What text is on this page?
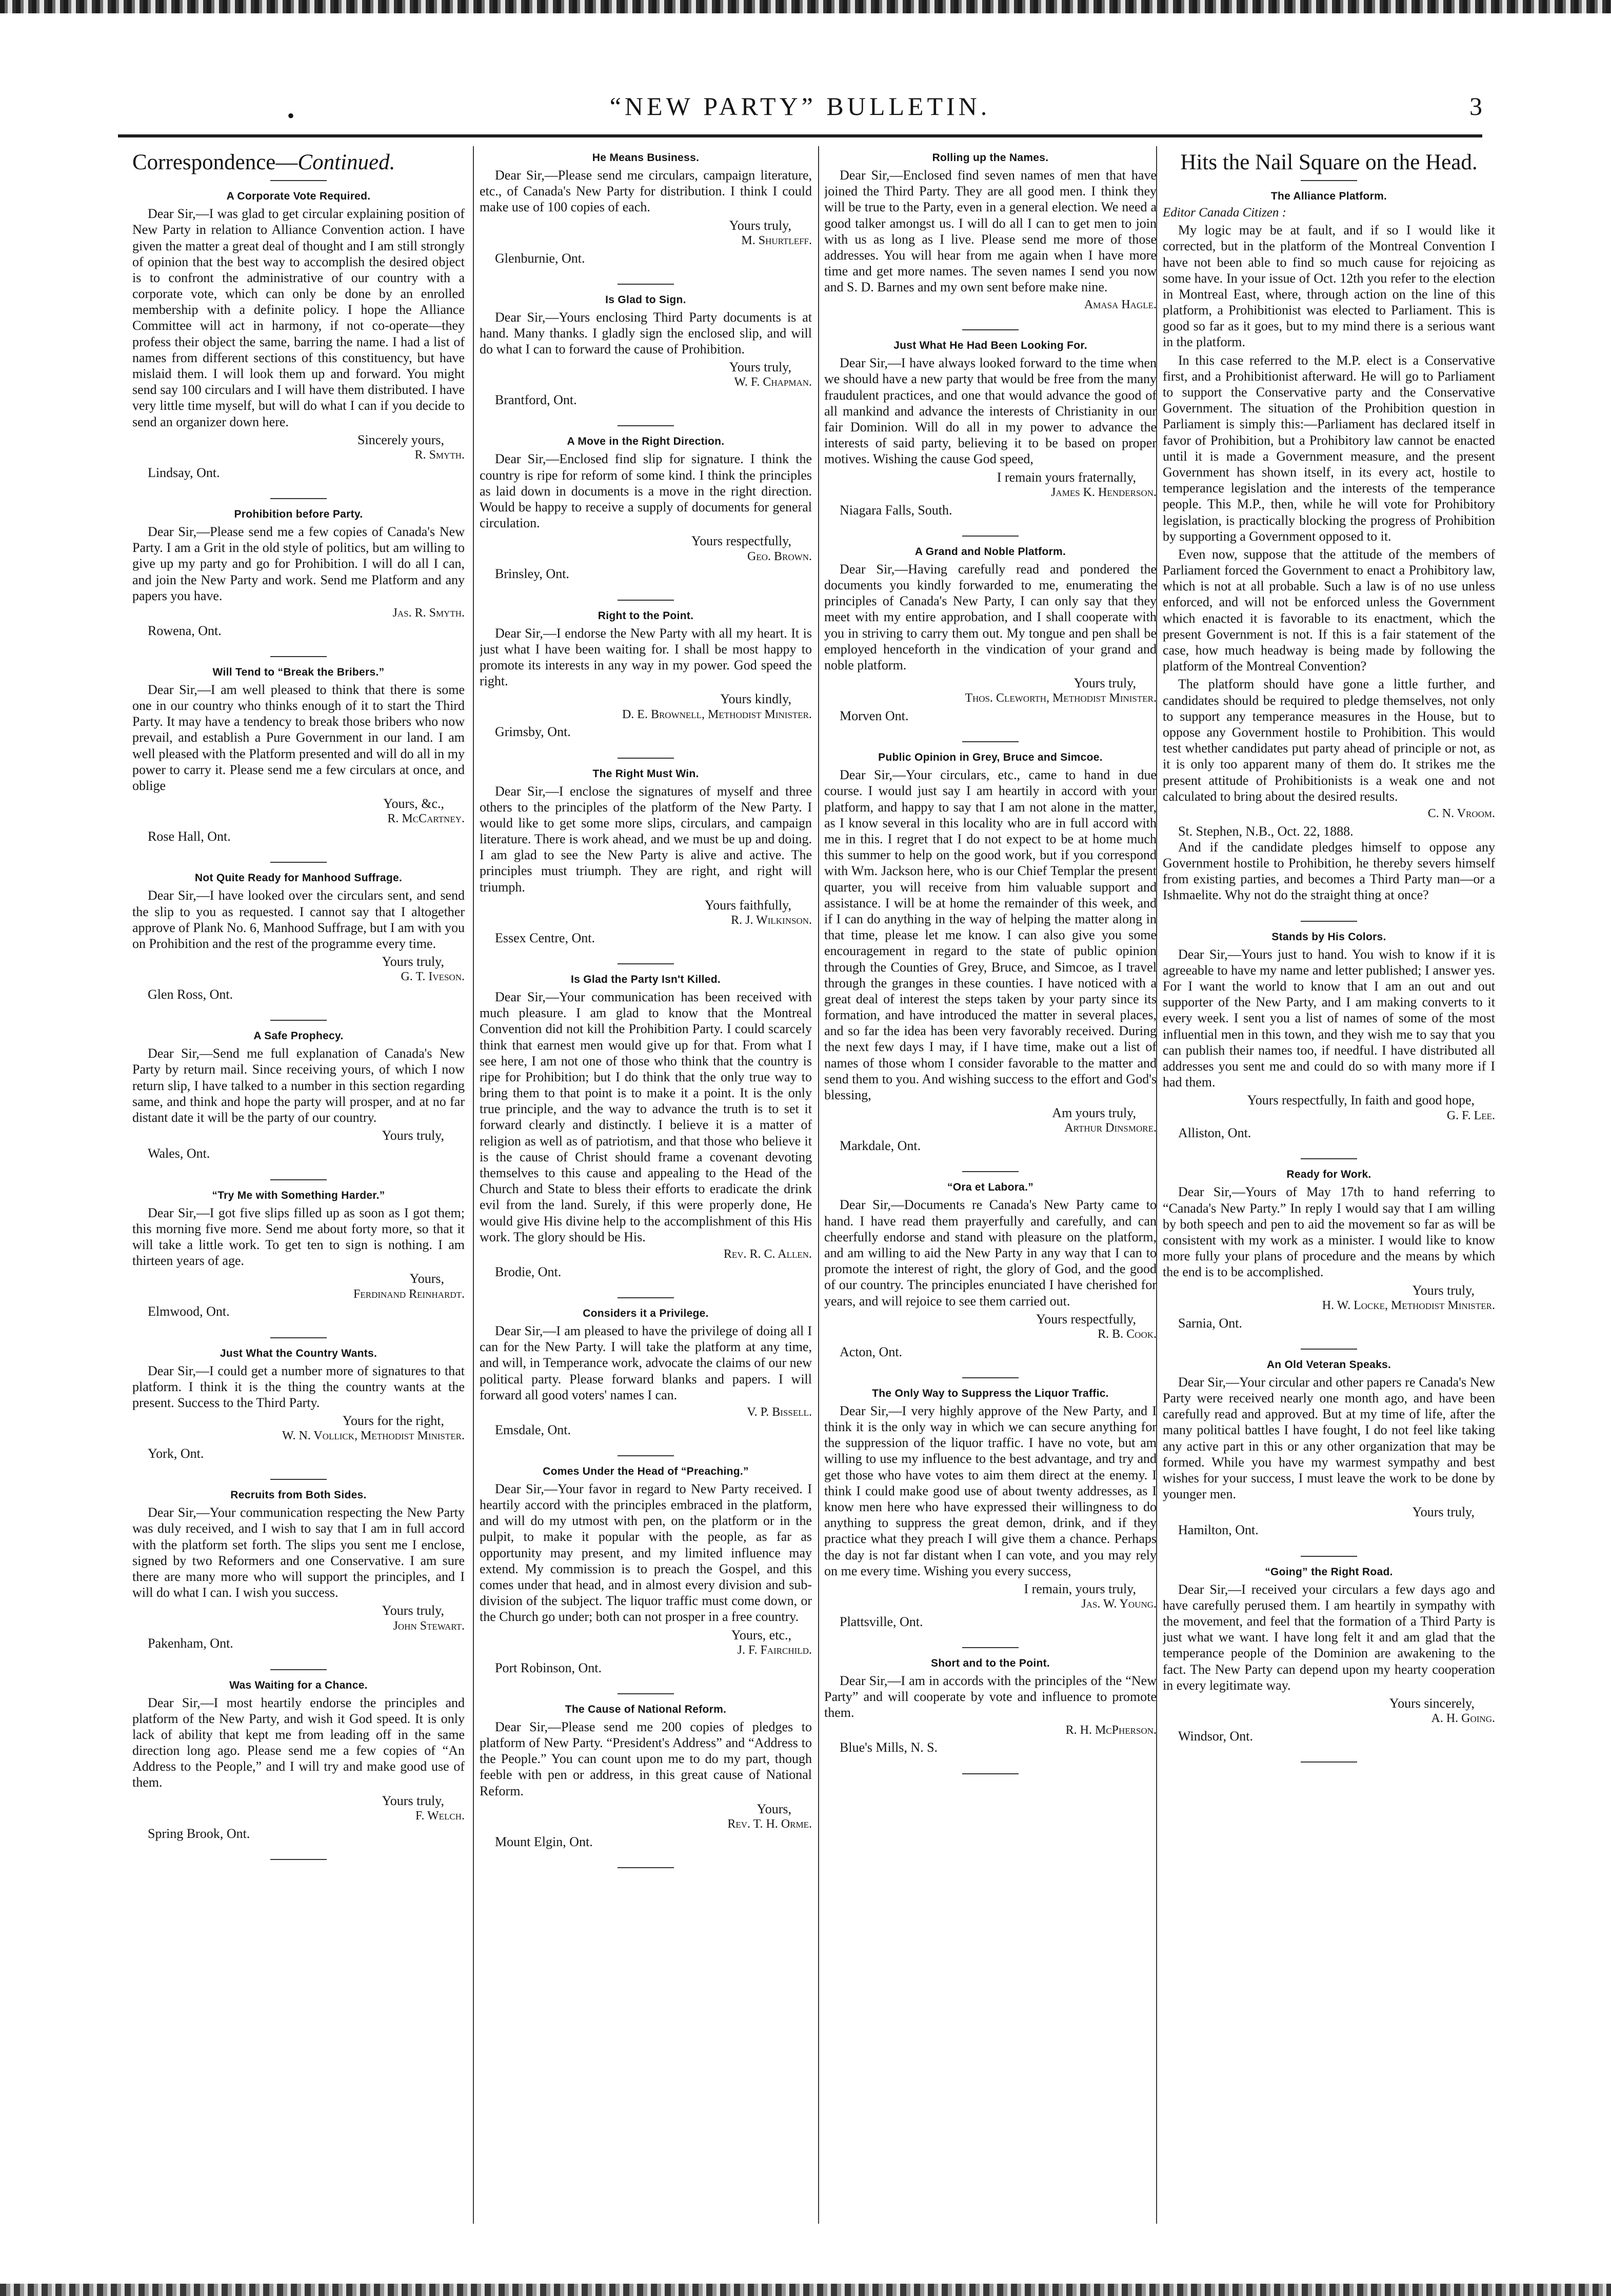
•	“NEW PARTY” BULLETIN.	3
Correspondence—Continued.
A Corporate Vote Required.

Dear Sir,—I was glad to get circular explaining position of New Party in relation to Alliance Convention action. I have given the matter a great deal of thought and I am still strongly of opinion that the best way to accomplish the desired object is to confront the administrative of our country with a corporate vote, which can only be done by an enrolled membership with a definite policy. I hope the Alliance Committee will act in harmony, if not co-operate—they profess their object the same, barring the name. I had a list of names from different sections of this constituency, but have mislaid them. I will look them up and forward. You might send say 100 circulars and I will have them distributed. I have very little time myself, but will do what I can if you decide to send an organizer down here.

Sincerely yours,

R. Smyth.

Lindsay, Ont.

Prohibition before Party.

Dear Sir,—Please send me a few copies of Canada's New Party. I am a Grit in the old style of politics, but am willing to give up my party and go for Prohibition. I will do all I can, and join the New Party and work. Send me Platform and any papers you have.

Jas. R. Smyth.

Rowena, Ont.

Will Tend to “Break the Bribers.”

Dear Sir,—I am well pleased to think that there is some one in our country who thinks enough of it to start the Third Party. It may have a tendency to break those bribers who now prevail, and establish a Pure Government in our land. I am well pleased with the Platform presented and will do all in my power to carry it. Please send me a few circulars at once, and oblige

Yours, &c.,

R. McCartney.

Rose Hall, Ont.

Not Quite Ready for Manhood Suffrage.

Dear Sir,—I have looked over the circulars sent, and send the slip to you as requested. I cannot say that I altogether approve of Plank No. 6, Manhood Suffrage, but I am with you on Prohibition and the rest of the programme every time.

Yours truly,

G. T. Iveson.

Glen Ross, Ont.

A Safe Prophecy.

Dear Sir,—Send me full explanation of Canada's New Party by return mail. Since receiving yours, of which I now return slip, I have talked to a number in this section regarding same, and think and hope the party will prosper, and at no far distant date it will be the party of our country.

Yours truly,

Wales, Ont.

“Try Me with Something Harder.”

Dear Sir,—I got five slips filled up as soon as I got them; this morning five more. Send me about forty more, so that it will take a little work. To get ten to sign is nothing. I am thirteen years of age.

Yours,

Ferdinand Reinhardt.

Elmwood, Ont.

Just What the Country Wants.

Dear Sir,—I could get a number more of signatures to that platform. I think it is the thing the country wants at the present. Success to the Third Party.

Yours for the right,

W. N. Vollick, Methodist Minister.

York, Ont.

Recruits from Both Sides.

Dear Sir,—Your communication respecting the New Party was duly received, and I wish to say that I am in full accord with the platform set forth. The slips you sent me I enclose, signed by two Reformers and one Conservative. I am sure there are many more who will support the principles, and I will do what I can. I wish you success.

Yours truly,

John Stewart.

Pakenham, Ont.

Was Waiting for a Chance.

Dear Sir,—I most heartily endorse the principles and platform of the New Party, and wish it God speed. It is only lack of ability that kept me from leading off in the same direction long ago. Please send me a few copies of “An Address to the People,” and I will try and make good use of them.

Yours truly,

F. Welch.

Spring Brook, Ont.

He Means Business.

Dear Sir,—Please send me circulars, campaign literature, etc., of Canada's New Party for distribution. I think I could make use of 100 copies of each.

Yours truly,

M. Shurtleff.

Glenburnie, Ont.

Is Glad to Sign.

Dear Sir,—Yours enclosing Third Party documents is at hand. Many thanks. I gladly sign the enclosed slip, and will do what I can to forward the cause of Prohibition.

Yours truly,

W. F. Chapman.

Brantford, Ont.

A Move in the Right Direction.

Dear Sir,—Enclosed find slip for signature. I think the country is ripe for reform of some kind. I think the principles as laid down in documents is a move in the right direction. Would be happy to receive a supply of documents for general circulation.

Yours respectfully,

Geo. Brown.

Brinsley, Ont.

Right to the Point.

Dear Sir,—I endorse the New Party with all my heart. It is just what I have been waiting for. I shall be most happy to promote its interests in any way in my power. God speed the right.

Yours kindly,

D. E. Brownell, Methodist Minister.

Grimsby, Ont.

The Right Must Win.

Dear Sir,—I enclose the signatures of myself and three others to the principles of the platform of the New Party. I would like to get some more slips, circulars, and campaign literature. There is work ahead, and we must be up and doing. I am glad to see the New Party is alive and active. The principles must triumph. They are right, and right will triumph.

Yours faithfully,

R. J. Wilkinson.

Essex Centre, Ont.

Is Glad the Party Isn't Killed.

Dear Sir,—Your communication has been received with much pleasure. I am glad to know that the Montreal Convention did not kill the Prohibition Party. I could scarcely think that earnest men would give up for that. From what I see here, I am not one of those who think that the country is ripe for Prohibition; but I do think that the only true way to bring them to that point is to make it a point. It is the only true principle, and the way to advance the truth is to set it forward clearly and distinctly. I believe it is a matter of religion as well as of patriotism, and that those who believe it is the cause of Christ should frame a covenant devoting themselves to this cause and appealing to the Head of the Church and State to bless their efforts to eradicate the drink evil from the land. Surely, if this were properly done, He would give His divine help to the accomplishment of this His work. The glory should be His.

Rev. R. C. Allen.

Brodie, Ont.

Considers it a Privilege.

Dear Sir,—I am pleased to have the privilege of doing all I can for the New Party. I will take the platform at any time, and will, in Temperance work, advocate the claims of our new political party. Please forward blanks and papers. I will forward all good voters' names I can.

V. P. Bissell.

Emsdale, Ont.

Comes Under the Head of “Preaching.”

Dear Sir,—Your favor in regard to New Party received. I heartily accord with the principles embraced in the platform, and will do my utmost with pen, on the platform or in the pulpit, to make it popular with the people, as far as opportunity may present, and my limited influence may extend. My commission is to preach the Gospel, and this comes under that head, and in almost every division and sub-division of the subject. The liquor traffic must come down, or the Church go under; both can not prosper in a free country.

Yours, etc.,

J. F. Fairchild.

Port Robinson, Ont.

The Cause of National Reform.

Dear Sir,—Please send me 200 copies of pledges to platform of New Party. “President's Address” and “Address to the People.” You can count upon me to do my part, though feeble with pen or address, in this great cause of National Reform.

Yours,

Rev. T. H. Orme.

Mount Elgin, Ont.

Rolling up the Names.

Dear Sir,—Enclosed find seven names of men that have joined the Third Party. They are all good men. I think they will be true to the Party, even in a general election. We need a good talker amongst us. I will do all I can to get men to join with us as long as I live. Please send me more of those addresses. You will hear from me again when I have more time and get more names. The seven names I send you now and S. D. Barnes and my own sent before make nine.

Amasa Hagle.

Just What He Had Been Looking For.

Dear Sir,—I have always looked forward to the time when we should have a new party that would be free from the many fraudulent practices, and one that would advance the good of all mankind and advance the interests of Christianity in our fair Dominion. Will do all in my power to advance the interests of said party, believing it to be based on proper motives. Wishing the cause God speed,

I remain yours fraternally,

James K. Henderson.

Niagara Falls, South.

A Grand and Noble Platform.

Dear Sir,—Having carefully read and pondered the documents you kindly forwarded to me, enumerating the principles of Canada's New Party, I can only say that they meet with my entire approbation, and I shall cooperate with you in striving to carry them out. My tongue and pen shall be employed henceforth in the vindication of your grand and noble platform.

Yours truly,

Thos. Cleworth, Methodist Minister.

Morven Ont.

Public Opinion in Grey, Bruce and Simcoe.

Dear Sir,—Your circulars, etc., came to hand in due course. I would just say I am heartily in accord with your platform, and happy to say that I am not alone in the matter, as I know several in this locality who are in full accord with me in this. I regret that I do not expect to be at home much this summer to help on the good work, but if you correspond with Wm. Jackson here, who is our Chief Templar the present quarter, you will receive from him valuable support and assistance. I will be at home the remainder of this week, and if I can do anything in the way of helping the matter along in that time, please let me know. I can also give you some encouragement in regard to the state of public opinion through the Counties of Grey, Bruce, and Simcoe, as I travel through the granges in these counties. I have noticed with a great deal of interest the steps taken by your party since its formation, and have introduced the matter in several places, and so far the idea has been very favorably received. During the next few days I may, if I have time, make out a list of names of those whom I consider favorable to the matter and send them to you. And wishing success to the effort and God's blessing,

Am yours truly,

Arthur Dinsmore.

Markdale, Ont.

“Ora et Labora.”

Dear Sir,—Documents re Canada's New Party came to hand. I have read them prayerfully and carefully, and can cheerfully endorse and stand with pleasure on the platform, and am willing to aid the New Party in any way that I can to promote the interest of right, the glory of God, and the good of our country. The principles enunciated I have cherished for years, and will rejoice to see them carried out.

Yours respectfully,

R. B. Cook.

Acton, Ont.

The Only Way to Suppress the Liquor Traffic.

Dear Sir,—I very highly approve of the New Party, and I think it is the only way in which we can secure anything for the suppression of the liquor traffic. I have no vote, but am willing to use my influence to the best advantage, and try and get those who have votes to aim them direct at the enemy. I think I could make good use of about twenty addresses, as I know men here who have expressed their willingness to do anything to suppress the great demon, drink, and if they practice what they preach I will give them a chance. Perhaps the day is not far distant when I can vote, and you may rely on me every time. Wishing you every success,

I remain, yours truly,

Jas. W. Young.

Plattsville, Ont.

Short and to the Point.

Dear Sir,—I am in accords with the principles of the “New Party” and will cooperate by vote and influence to promote them.

R. H. McPherson.

Blue's Mills, N. S.

Hits the Nail Square on the Head.
The Alliance Platform.
Editor Canada Citizen :

My logic may be at fault, and if so I would like it corrected, but in the platform of the Montreal Convention I have not been able to find so much cause for rejoicing as some have. In your issue of Oct. 12th you refer to the election in Montreal East, where, through action on the line of this platform, a Prohibitionist was elected to Parliament. This is good so far as it goes, but to my mind there is a serious want in the platform.

In this case referred to the M.P. elect is a Conservative first, and a Prohibitionist afterward. He will go to Parliament to support the Conservative party and the Conservative Government. The situation of the Prohibition question in Parliament is simply this:—Parliament has declared itself in favor of Prohibition, but a Prohibitory law cannot be enacted until it is made a Government measure, and the present Government has shown itself, in its every act, hostile to temperance legislation and the interests of the temperance people. This M.P., then, while he will vote for Prohibitory legislation, is practically blocking the progress of Prohibition by supporting a Government opposed to it.

Even now, suppose that the attitude of the members of Parliament forced the Government to enact a Prohibitory law, which is not at all probable. Such a law is of no use unless enforced, and will not be enforced unless the Government which enacted it is favorable to its enactment, which the present Government is not. If this is a fair statement of the case, how much headway is being made by following the platform of the Montreal Convention?

The platform should have gone a little further, and candidates should be required to pledge themselves, not only to support any temperance measures in the House, but to oppose any Government hostile to Prohibition. This would test whether candidates put party ahead of principle or not, as it is only too apparent many of them do. It strikes me the present attitude of Prohibitionists is a weak one and not calculated to bring about the desired results.

C. N. Vroom.

St. Stephen, N.B., Oct. 22, 1888.

And if the candidate pledges himself to oppose any Government hostile to Prohibition, he thereby severs himself from existing parties, and becomes a Third Party man—or a Ishmaelite. Why not do the straight thing at once?

Stands by His Colors.

Dear Sir,—Yours just to hand. You wish to know if it is agreeable to have my name and letter published; I answer yes. For I want the world to know that I am an out and out supporter of the New Party, and I am making converts to it every week. I sent you a list of names of some of the most influential men in this town, and they wish me to say that you can publish their names too, if needful. I have distributed all addresses you sent me and could do so with many more if I had them.

Yours respectfully, In faith and good hope,

G. F. Lee.

Alliston, Ont.

Ready for Work.

Dear Sir,—Yours of May 17th to hand referring to “Canada's New Party.” In reply I would say that I am willing by both speech and pen to aid the movement so far as will be consistent with my work as a minister. I would like to know more fully your plans of procedure and the means by which the end is to be accomplished.

Yours truly,

H. W. Locke, Methodist Minister.

Sarnia, Ont.

An Old Veteran Speaks.

Dear Sir,—Your circular and other papers re Canada's New Party were received nearly one month ago, and have been carefully read and approved. But at my time of life, after the many political battles I have fought, I do not feel like taking any active part in this or any other organization that may be formed. While you have my warmest sympathy and best wishes for your success, I must leave the work to be done by younger men.

Yours truly,

Hamilton, Ont.

“Going” the Right Road.

Dear Sir,—I received your circulars a few days ago and have carefully perused them. I am heartily in sympathy with the movement, and feel that the formation of a Third Party is just what we want. I have long felt it and am glad that the temperance people of the Dominion are awakening to the fact. The New Party can depend upon my hearty cooperation in every legitimate way.

Yours sincerely,

A. H. Going.

Windsor, Ont.
